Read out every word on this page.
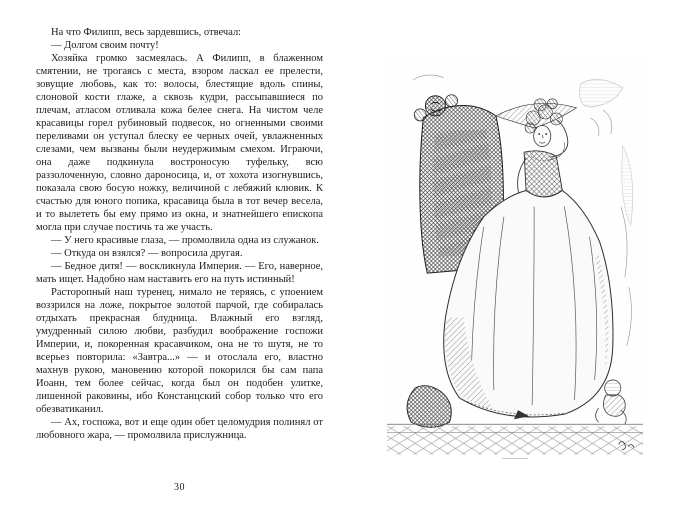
На что Филипп, весь зардевшись, отвечал:

— Долгом своим почту!

Хозяйка громко засмеялась. А Филипп, в блаженном смятении, не трогаясь с места, взором ласкал ее прелести, зовущие любовь, как то: волосы, блестящие вдоль спины, слоновой кости глаже, а сквозь кудри, рассыпавшиеся по плечам, атласом отливала кожа белее снега. На чистом челе красавицы горел рубиновый подвесок, но огненными своими переливами он уступал блеску ее черных очей, увлажненных слезами, чем вызваны были неудержимым смехом. Играючи, она даже подкинула востроносую туфельку, всю раззолоченную, словно дароносица, и, от хохота изогнувшись, показала свою босую ножку, величиной с лебяжий клювик. К счастью для юного попика, красавица была в тот вечер весела, и то вылететь бы ему прямо из окна, и знатнейшего епископа могла при случае постичь та же участь.

— У него красивые глаза, — промолвила одна из служанок.

— Откуда он взялся? — вопросила другая.

— Бедное дитя! — воскликнула Империя. — Его, наверное, мать ищет. Надобно нам наставить его на путь истинный!

Расторопный наш туренец, нимало не теряясь, с упоением воззрился на ложе, покрытое золотой парчой, где собиралась отдыхать прекрасная блудница. Влажный его взгляд, умудренный силою любви, разбудил воображение госпожи Империи, и, покоренная красавчиком, она не то шутя, не то всерьез повторила: «Завтра...» — и отослала его, властно махнув рукою, мановению которой покорился бы сам папа Иоанн, тем более сейчас, когда был он подобен улитке, лишенной раковины, ибо Констанцский собор только что его обезватиканил.

— Ах, госпожа, вот и еще один обет целомудрия полинял от любовного жара, — промолвила прислужница.

30
